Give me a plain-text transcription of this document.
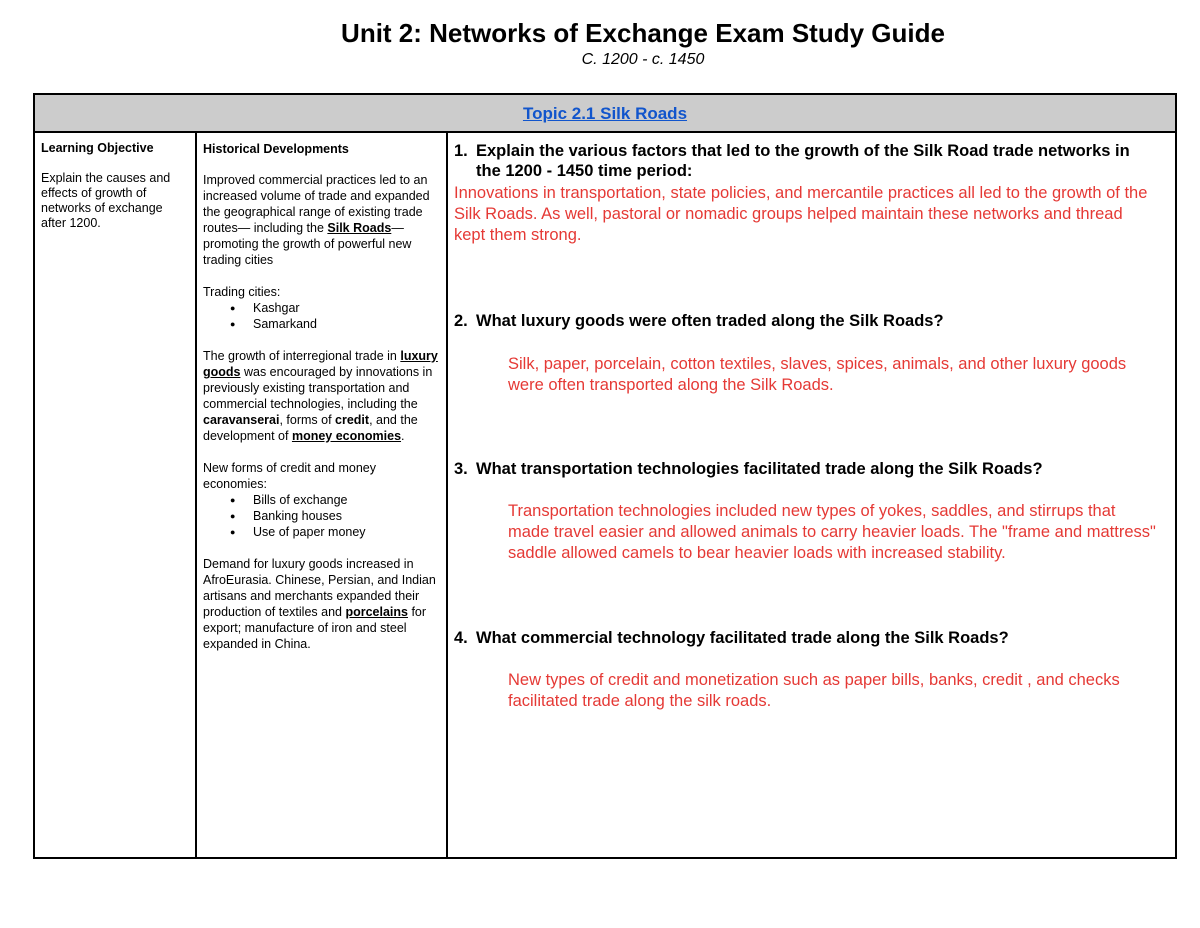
Unit 2: Networks of Exchange Exam Study Guide
C. 1200 - c. 1450
Topic 2.1 Silk Roads
Learning Objective
Explain the causes and effects of growth of networks of exchange after 1200.
Historical Developments

Improved commercial practices led to an increased volume of trade and expanded the geographical range of existing trade routes— including the Silk Roads—promoting the growth of powerful new trading cities

Trading cities:

● Kashgar
● Samarkand

The growth of interregional trade in luxury goods was encouraged by innovations in previously existing transportation and commercial technologies, including the caravanserai, forms of credit, and the development of money economies.

New forms of credit and money economies:

● Bills of exchange
● Banking houses
● Use of paper money

Demand for luxury goods increased in AfroEurasia. Chinese, Persian, and Indian artisans and merchants expanded their production of textiles and porcelains for export; manufacture of iron and steel expanded in China.

1. Explain the various factors that led to the growth of the Silk Road trade networks in the 1200 - 1450 time period:
Innovations in transportation, state policies, and mercantile practices all led to the growth of the Silk Roads. As well, pastoral or nomadic groups helped maintain these networks and thread kept them strong.
2. What luxury goods were often traded along the Silk Roads?
Silk, paper, porcelain, cotton textiles, slaves, spices, animals, and other luxury goods were often transported along the Silk Roads.
3. What transportation technologies facilitated trade along the Silk Roads?
Transportation technologies included new types of yokes, saddles, and stirrups that made travel easier and allowed animals to carry heavier loads. The "frame and mattress" saddle allowed camels to bear heavier loads with increased stability.
4. What commercial technology facilitated trade along the Silk Roads?
New types of credit and monetization such as paper bills, banks, credit , and checks facilitated trade along the silk roads.
